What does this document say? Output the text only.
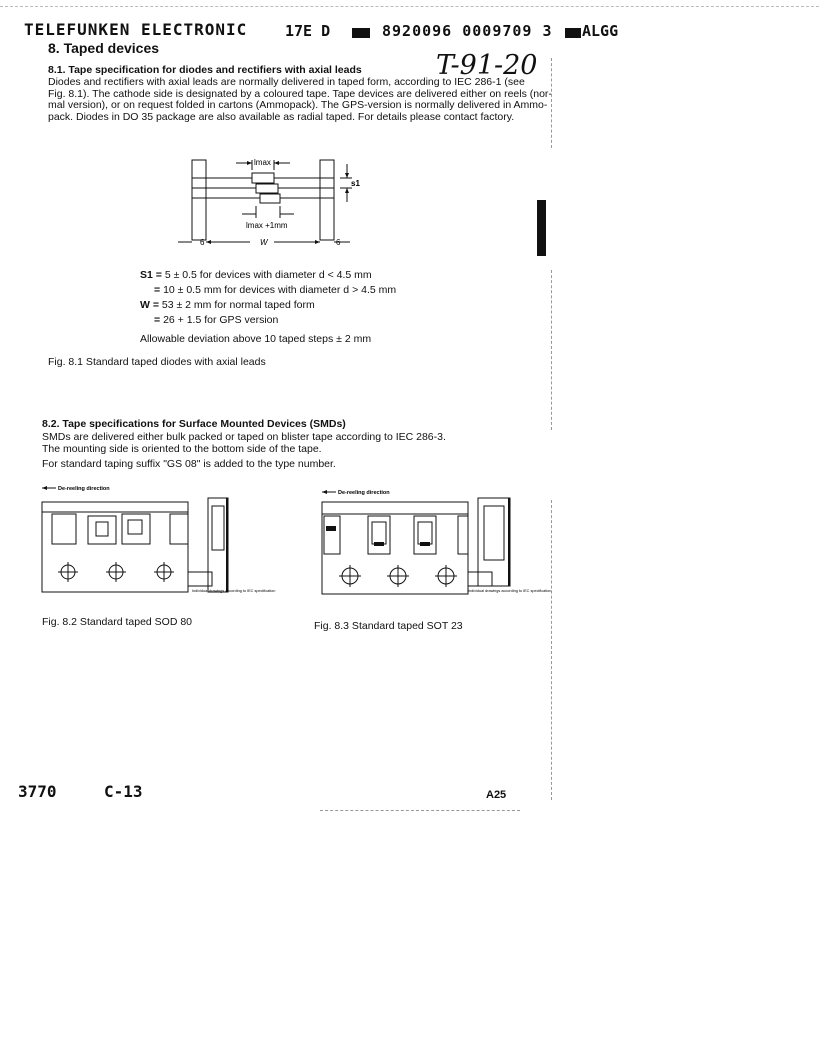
TELEFUNKEN ELECTRONIC	17E D	8920096 0009709 3 ALGG
8. Taped devices
T-91-20
8.1. Tape specification for diodes and rectifiers with axial leads
Diodes and rectifiers with axial leads are normally delivered in taped form, according to IEC 286-1 (see
Fig. 8.1). The cathode side is designated by a coloured tape. Tape devices are delivered either on reels (nor-
mal version), or on request folded in cartons (Ammopack). The GPS-version is normally delivered in Ammo-
pack. Diodes in DO 35 package are also available as radial taped. For details please contact factory.
lmax
lmax +1mm
s1
W
6	6
S1 = 5 ± 0.5 for devices with diameter d < 4.5 mm
= 10 ± 0.5 mm for devices with diameter d > 4.5 mm
W = 53 ± 2 mm for normal taped form
= 26 + 1.5 for GPS version
Allowable deviation above 10 taped steps ± 2 mm
Fig. 8.1 Standard taped diodes with axial leads
8.2. Tape specifications for Surface Mounted Devices (SMDs)
SMDs are delivered either bulk packed or taped on blister tape according to IEC 286-3.
The mounting side is oriented to the bottom side of the tape.
For standard taping suffix "GS 08" is added to the type number.
De-reeling direction
Individual drawings according to IEC specification
Fig. 8.2 Standard taped SOD 80
De-reeling direction
Individual drawings according to IEC specification
Fig. 8.3 Standard taped SOT 23
3770	C-13	A25
